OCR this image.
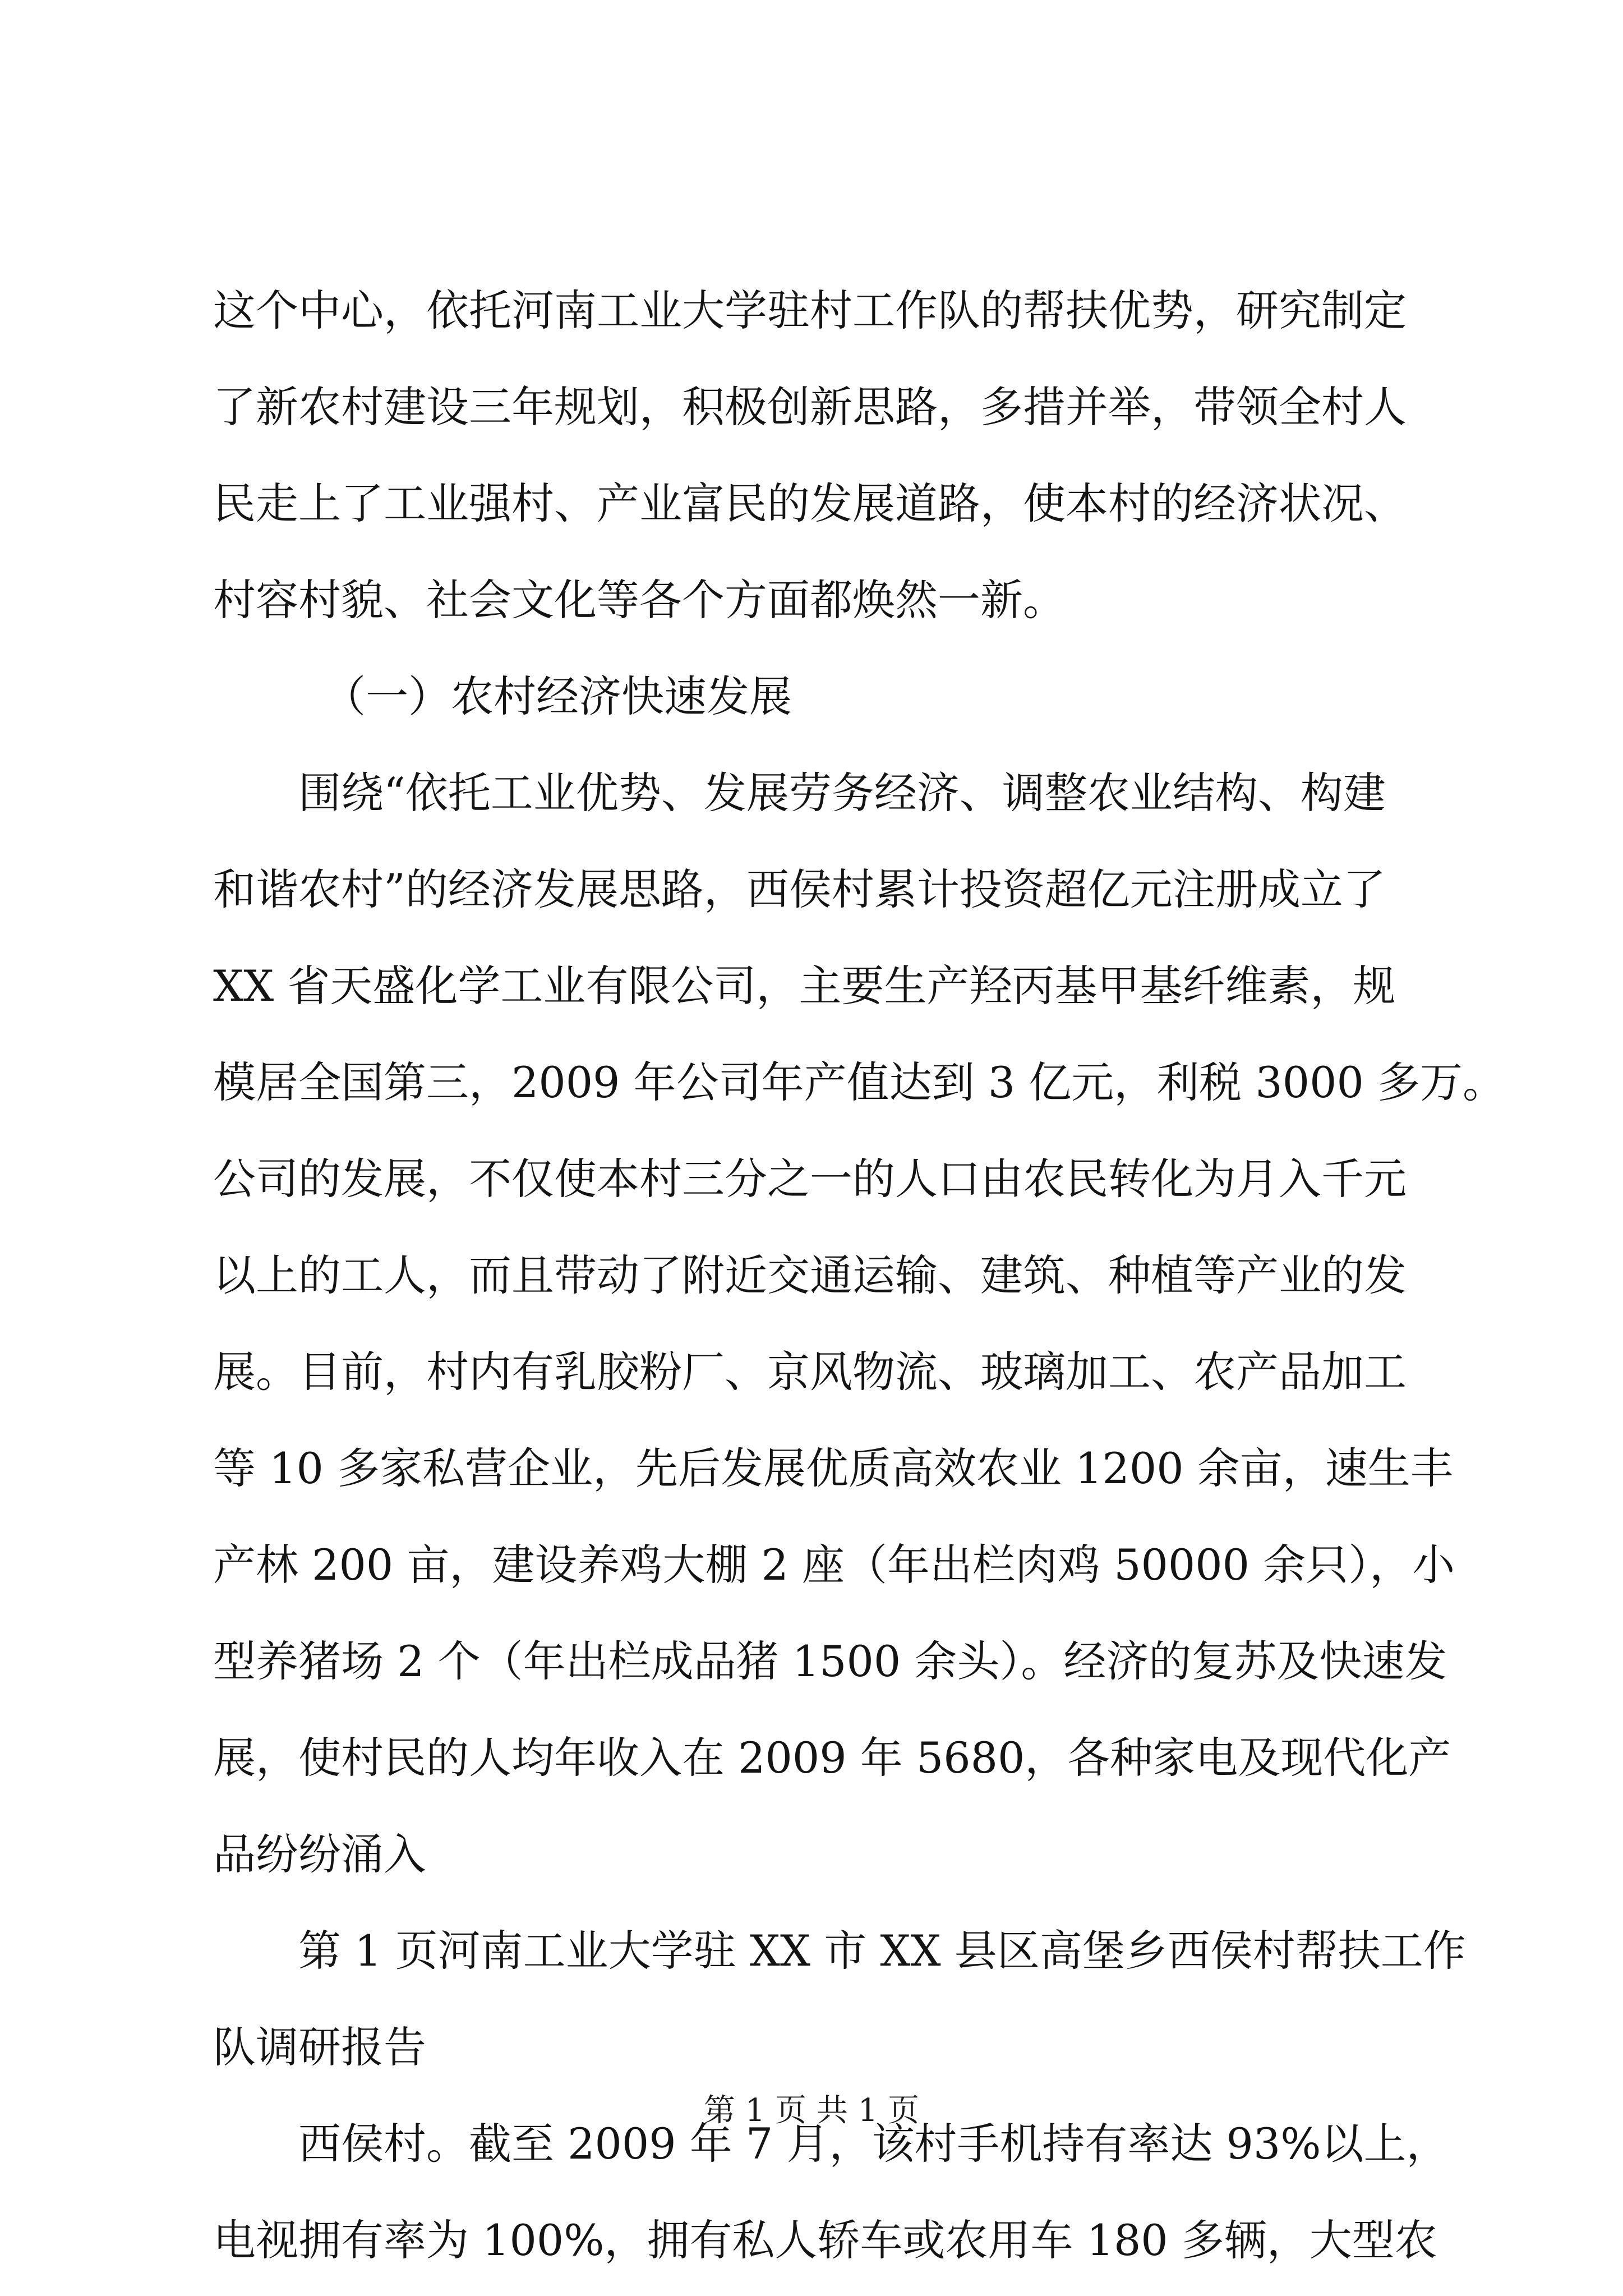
这个中心，依托河南工业大学驻村工作队的帮扶优势，研究制定
了新农村建设三年规划，积极创新思路，多措并举，带领全村人
民走上了工业强村、产业富民的发展道路，使本村的经济状况、
村容村貌、社会文化等各个方面都焕然一新。
（一）农村经济快速发展
围绕“依托工业优势、发展劳务经济、调整农业结构、构建
和谐农村”的经济发展思路，西侯村累计投资超亿元注册成立了
XX 省天盛化学工业有限公司，主要生产羟丙基甲基纤维素，规
模居全国第三，2009 年公司年产值达到 3 亿元，利税 3000 多万。
公司的发展，不仅使本村三分之一的人口由农民转化为月入千元
以上的工人，而且带动了附近交通运输、建筑、种植等产业的发
展。目前，村内有乳胶粉厂、京风物流、玻璃加工、农产品加工
等 10 多家私营企业，先后发展优质高效农业 1200 余亩，速生丰
产林 200 亩，建设养鸡大棚 2 座（年出栏肉鸡 50000 余只），小
型养猪场 2 个（年出栏成品猪 1500 余头）。经济的复苏及快速发
展，使村民的人均年收入在 2009 年 5680，各种家电及现代化产
品纷纷涌入
第 1 页河南工业大学驻 XX 市 XX 县区高堡乡西侯村帮扶工作
队调研报告
西侯村。截至 2009 年 7 月，该村手机持有率达 93%以上，
电视拥有率为 100%，拥有私人轿车或农用车 180 多辆，大型农
第 1 页 共 1 页
